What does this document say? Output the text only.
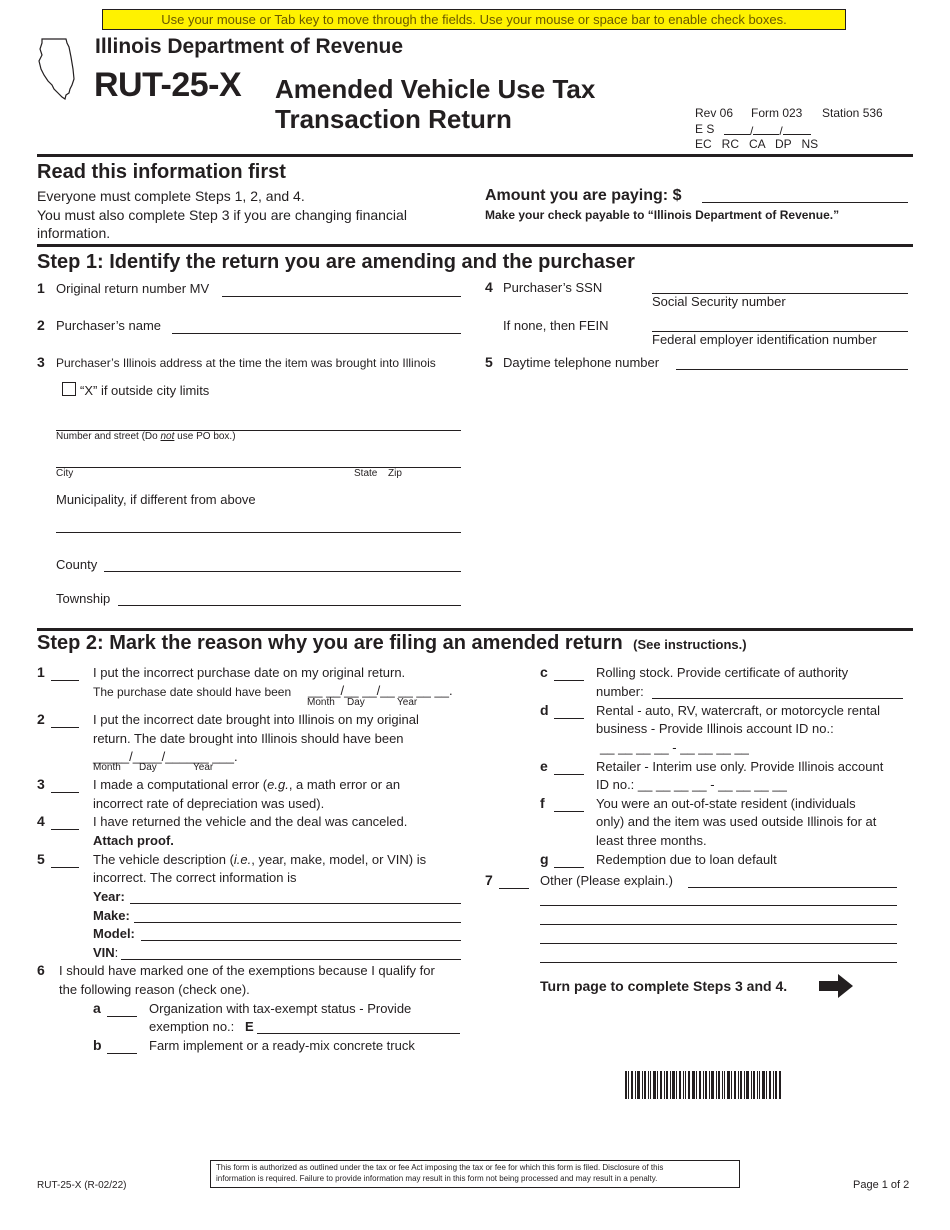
Use your mouse or Tab key to move through the fields. Use your mouse or space bar to enable check boxes.
Illinois Department of Revenue
RUT-25-X Amended Vehicle Use Tax
Transaction Return	Rev 06 Form 023 Station 536
E S	/ /
EC   RC   CA   DP   NS
Read this information first
Everyone must complete Steps 1, 2, and 4.
You must also complete Step 3 if you are changing financial
information.
Amount you are paying: $
Make your check payable to “Illinois Department of Revenue.”
Step 1: Identify the return you are amending and the purchaser
1 Original return number MV
2 Purchaser’s name
3 Purchaser’s Illinois address at the time the item was brought into Illinois
“X” if outside city limits
Number and street (Do not use PO box.)
City	State Zip
Municipality, if different from above
County
Township
4 Purchaser’s SSN
Social Security number
If none, then FEIN
Federal employer identification number
5 Daytime telephone number
Step 2: Mark the reason why you are filing an amended return (See instructions.)
1	I put the incorrect purchase date on my original return.
The purchase date should have been __ __/__ __/__ __ __ __.
Month Day	Year
2	I put the incorrect date brought into Illinois on my original
return. The date brought into Illinois should have been
_____/____/______ ___.
Month Day	Year
3	I made a computational error (e.g., a math error or an
incorrect rate of depreciation was used).
4	I have returned the vehicle and the deal was canceled.
Attach proof.
5	The vehicle description (i.e., year, make, model, or VIN) is
incorrect. The correct information is
Year:
Make:
Model:
VIN:
6 I should have marked one of the exemptions because I qualify for
the following reason (check one).
a	Organization with tax-exempt status - Provide
exemption no.: E
b	Farm implement or a ready-mix concrete truck
c	Rolling stock. Provide certificate of authority
number:
d	Rental - auto, RV, watercraft, or motorcycle rental
business - Provide Illinois account ID no.:
__ __ __ __ - __ __ __ __
e	Retailer - Interim use only. Provide Illinois account
ID no.: __ __ __ __ - __ __ __ __
f	You were an out-of-state resident (individuals
only) and the item was used outside Illinois for at
least three months.
g	Redemption due to loan default
7	Other (Please explain.)
Turn page to complete Steps 3 and 4.
RUT-25-X (R-02/22)
This form is authorized as outlined under the tax or fee Act imposing the tax or fee for which this form is filed. Disclosure of this
information is required. Failure to provide information may result in this form not being processed and may result in a penalty.
Page 1 of 2
